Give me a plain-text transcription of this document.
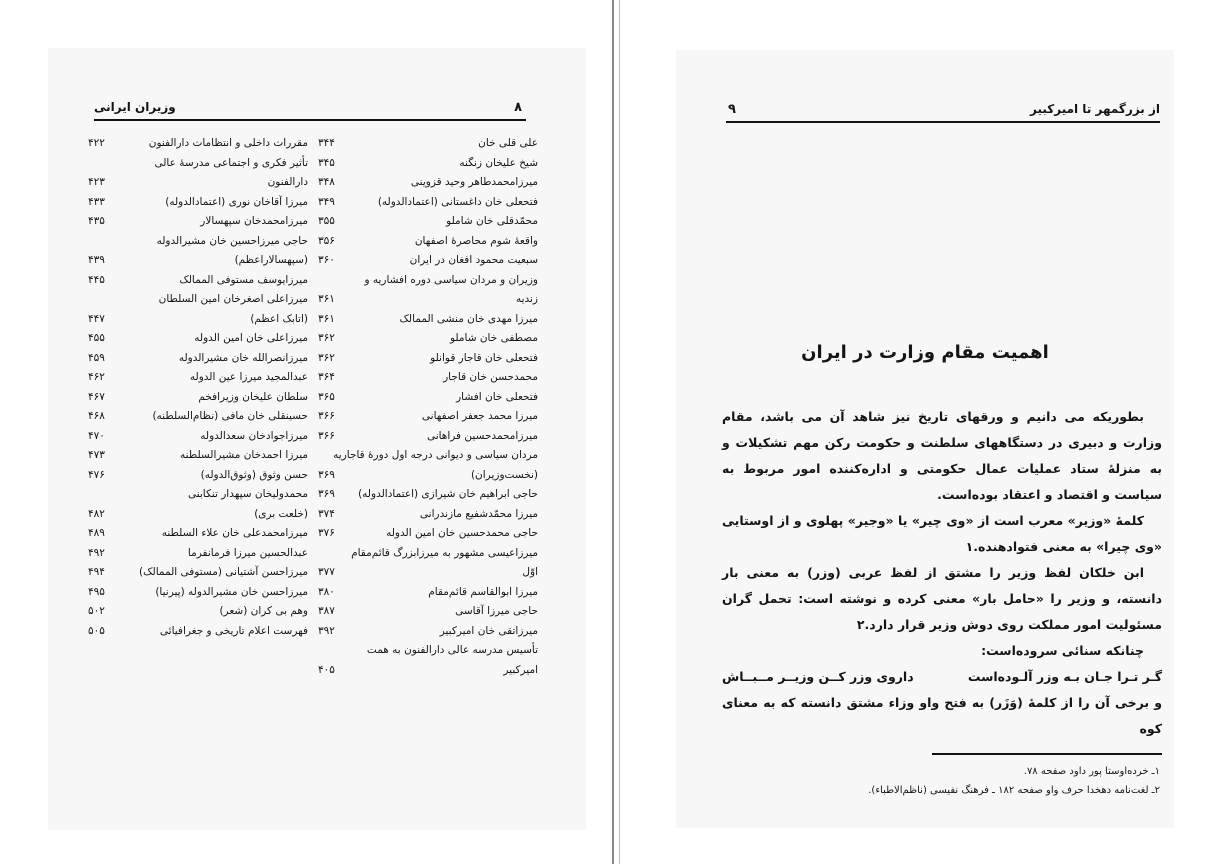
وزیران ایرانی	۸
علی قلی خان
۳۴۴
شیخ علیخان زنگنه
۳۴۵
میرزامحمدطاهر وحید قزوینی
۳۴۸
فتحعلی خان داغستانی (اعتمادالدوله)
۳۴۹
محمّدقلی خان شاملو
۳۵۵
واقعهٔ شوم محاصرهٔ اصفهان
۳۵۶
سبعیت محمود افغان در ایران
۳۶۰
وزیران و مردان سیاسی دوره افشاریه و
زندیه
۳۶۱
میرزا مهدی خان منشی الممالک
۳۶۱
مصطفی خان شاملو
۳۶۲
فتحعلی خان قاجار قوانلو
۳۶۲
محمدحسن خان قاجار
۳۶۴
فتحعلی خان افشار
۳۶۵
میرزا محمد جعفر اصفهانی
۳۶۶
میرزامحمدحسین فراهانی
۳۶۶
مردان سیاسی و دیوانی درجه اول دورهٔ قاجاریه
(نخست‌وزیران)
۳۶۹
حاجی ابراهیم خان شیرازی (اعتمادالدوله)
۳۶۹
میرزا محمّدشفیع مازندرانی
۳۷۴
حاجی محمدحسین خان امین الدوله
۳۷۶
میرزاعیسی مشهور به میرزابزرگ قائم‌مقام
اوّل
۳۷۷
میرزا ابوالقاسم قائم‌مقام
۳۸۰
حاجی میرزا آقاسی
۳۸۷
میرزاتقی خان امیرکبیر
۳۹۲
تأسیس مدرسه عالی دارالفنون به همت
امیرکبیر
۴۰۵
مقررات داخلی و انتظامات دارالفنون
۴۲۲
تأثیر فکری و اجتماعی مدرسهٔ عالی
دارالفنون
۴۲۳
میرزا آقاخان نوری (اعتمادالدوله)
۴۳۳
میرزامحمدخان سپهسالار
۴۳۵
حاجی میرزاحسین خان مشیرالدوله
(سپهسالاراعظم)
۴۳۹
میرزایوسف مستوفی الممالک
۴۴۵
میرزاعلی اصغرخان امین السلطان
(اتابک اعظم)
۴۴۷
میرزاعلی خان امین الدوله
۴۵۵
میرزانصرالله خان مشیرالدوله
۴۵۹
عبدالمجید میرزا عین الدوله
۴۶۲
سلطان علیخان وزیرافخم
۴۶۷
حسینقلی خان مافی (نظام‌السلطنه)
۴۶۸
میرزاجوادخان سعدالدوله
۴۷۰
میرزا احمدخان مشیرالسلطنه
۴۷۳
حسن وثوق (وثوق‌الدوله)
۴۷۶
محمدولیخان سپهدار تنکابنی
(خلعت بری)
۴۸۲
میرزامحمدعلی خان علاء السلطنه
۴۸۹
عبدالحسین میرزا فرمانفرما
۴۹۲
میرزاحسن آشتیانی (مستوفی الممالک)
۴۹۴
میرزاحسن خان مشیرالدوله (پیرنیا)
۴۹۵
وهم بی کران (شعر)
۵۰۲
فهرست اعلام تاریخی و جغرافیائی
۵۰۵
از بزرگمهر تا امیرکبیر
۹
اهمیت مقام وزارت در ایران

بطوریکه می دانیم و ورقهای تاریخ نیز شاهد آن می باشد، مقام وزارت و دبیری در دستگاههای سلطنت و حکومت رکن مهم تشکیلات و به منزلهٔ ستاد عملیات عمال حکومتی و اداره‌کننده امور مربوط به سیاست و اقتصاد و اعتقاد بوده‌است.

کلمهٔ «وزیر» معرب است از «وی چیر» یا «وجیر» پهلوی و از اوستایی «وی چیرا» به معنی فتوادهنده.۱

ابن خلکان لفظ وزیر را مشتق از لفظ عربی (وزر) به معنی بار دانسته، و وزیر را «حامل بار» معنی کرده و نوشته است: تحمل گران مسئولیت امور مملکت روی دوش وزیر قرار دارد.۲

چنانکه سنائی سروده‌است:

گـر تـرا جـان بـه وزر آلـوده‌است
داروی وزر کــن وزیــر مــبــاش

و برخی آن را از کلمهٔ (وَزَر) به فتح واو وزاء مشتق دانسته که به معنای کوه

۱ـ خرده‌اوستا پور داود صفحه ۷۸.
۲ـ لغت‌نامه دهخدا حرف واو صفحه ۱۸۲ ـ فرهنگ نفیسی (ناظم‌الاطباء).
